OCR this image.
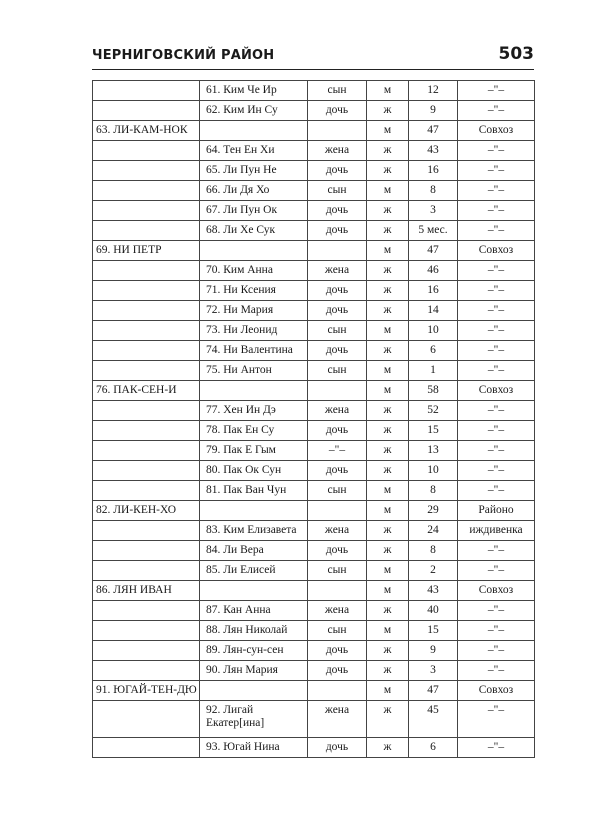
ЧЕРНИГОВСКИЙ РАЙОН	503
	61. Ким Че Ир	сын	м	12	–"–
	62. Ким Ин Су	дочь	ж	9	–"–
63. ЛИ-КАМ-НОК			м	47	Совхоз
	64. Тен Ен Хи	жена	ж	43	–"–
	65. Ли Пун Не	дочь	ж	16	–"–
	66. Ли Дя Хо	сын	м	8	–"–
	67. Ли Пун Ок	дочь	ж	3	–"–
	68. Ли Хе Сук	дочь	ж	5 мес.	–"–
69. НИ ПЕТР			м	47	Совхоз
	70. Ким Анна	жена	ж	46	–"–
	71. Ни Ксения	дочь	ж	16	–"–
	72. Ни Мария	дочь	ж	14	–"–
	73. Ни Леонид	сын	м	10	–"–
	74. Ни Валентина	дочь	ж	6	–"–
	75. Ни Антон	сын	м	1	–"–
76. ПАК-СЕН-И			м	58	Совхоз
	77. Хен Ин Дэ	жена	ж	52	–"–
	78. Пак Ен Су	дочь	ж	15	–"–
	79. Пак Е Гым	–"–	ж	13	–"–
	80. Пак Ок Сун	дочь	ж	10	–"–
	81. Пак Ван Чун	сын	м	8	–"–
82. ЛИ-КЕН-ХО			м	29	Районо
	83. Ким Елизавета	жена	ж	24	иждивенка
	84. Ли Вера	дочь	ж	8	–"–
	85. Ли Елисей	сын	м	2	–"–
86. ЛЯН ИВАН			м	43	Совхоз
	87. Кан Анна	жена	ж	40	–"–
	88. Лян Николай	сын	м	15	–"–
	89. Лян-сун-сен	дочь	ж	9	–"–
	90. Лян Мария	дочь	ж	3	–"–
91. ЮГАЙ-ТЕН-ДЮ			м	47	Совхоз
	92. Лигай Екатер[ина]	жена	ж	45	–"–
	93. Югай Нина	дочь	ж	6	–"–
